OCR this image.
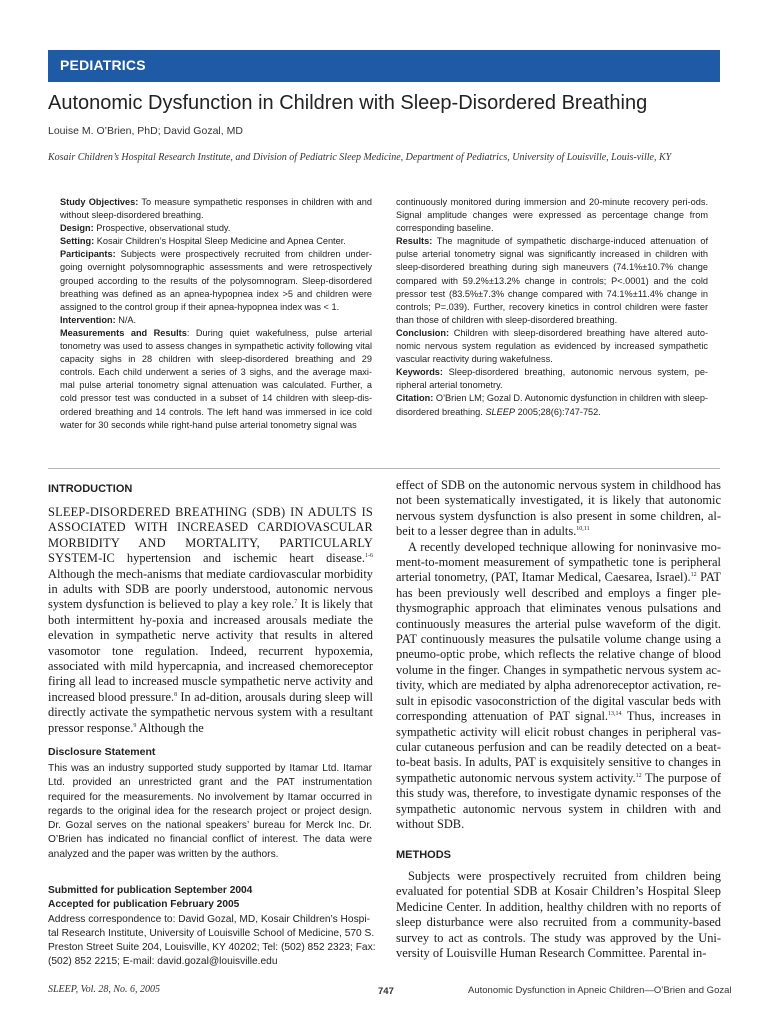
PEDIATRICS
Autonomic Dysfunction in Children with Sleep-Disordered Breathing
Louise M. O’Brien, PhD; David Gozal, MD
Kosair Children’s Hospital Research Institute, and Division of Pediatric Sleep Medicine, Department of Pediatrics, University of Louisville, Louis-ville, KY

Study Objectives: To measure sympathetic responses in children with and without sleep-disordered breathing.

Design: Prospective, observational study.

Setting: Kosair Children’s Hospital Sleep Medicine and Apnea Center.

Participants: Subjects were prospectively recruited from children under-going overnight polysomnographic assessments and were retrospectively grouped according to the results of the polysomnogram. Sleep-disordered breathing was defined as an apnea-hypopnea index >5 and children were assigned to the control group if their apnea-hypopnea index was < 1.

Intervention: N/A.

Measurements and Results: During quiet wakefulness, pulse arterial tonometry was used to assess changes in sympathetic activity following vital capacity sighs in 28 children with sleep-disordered breathing and 29 controls. Each child underwent a series of 3 sighs, and the average maxi-mal pulse arterial tonometry signal attenuation was calculated. Further, a cold pressor test was conducted in a subset of 14 children with sleep-dis-ordered breathing and 14 controls. The left hand was immersed in ice cold water for 30 seconds while right-hand pulse arterial tonometry signal was

continuously monitored during immersion and 20-minute recovery peri-ods. Signal amplitude changes were expressed as percentage change from corresponding baseline.

Results: The magnitude of sympathetic discharge-induced attenuation of pulse arterial tonometry signal was significantly increased in children with sleep-disordered breathing during sigh maneuvers (74.1%±10.7% change compared with 59.2%±13.2% change in controls; P<.0001) and the cold pressor test (83.5%±7.3% change compared with 74.1%±11.4% change in controls; P=.039). Further, recovery kinetics in control children were faster than those of children with sleep-disordered breathing.

Conclusion: Children with sleep-disordered breathing have altered auto-nomic nervous system regulation as evidenced by increased sympathetic vascular reactivity during wakefulness.

Keywords: Sleep-disordered breathing, autonomic nervous system, pe-ripheral arterial tonometry.

Citation: O’Brien LM; Gozal D. Autonomic dysfunction in children with sleep-disordered breathing. SLEEP 2005;28(6):747-752.

INTRODUCTION

SLEEP-DISORDERED BREATHING (SDB) IN ADULTS IS ASSOCIATED WITH INCREASED CARDIOVASCULAR MORBIDITY AND MORTALITY, PARTICULARLY SYSTEM-IC hypertension and ischemic heart disease.$^{1-6}$ Although the mech-anisms that mediate cardiovascular morbidity in adults with SDB are poorly understood, autonomic nervous system dysfunction is believed to play a key role.$^7$ It is likely that both intermittent hy-poxia and increased arousals mediate the elevation in sympathetic nerve activity that results in altered vasomotor tone regulation. Indeed, recurrent hypoxemia, associated with mild hypercapnia, and increased chemoreceptor firing all lead to increased muscle sympathetic nerve activity and increased blood pressure.$^8$ In ad-dition, arousals during sleep will directly activate the sympathetic nervous system with a resultant pressor response.$^9$ Although the

Disclosure Statement
This was an industry supported study supported by Itamar Ltd. Itamar Ltd. provided an unrestricted grant and the PAT instrumentation required for the measurements. No involvement by Itamar occurred in regards to the original idea for the research project or project design. Dr. Gozal serves on the national speakers’ bureau for Merck Inc. Dr. O’Brien has indicated no financial conflict of interest. The data were analyzed and the paper was written by the authors.

Submitted for publication September 2004

Accepted for publication February 2005

Address correspondence to: David Gozal, MD, Kosair Children’s Hospi-tal Research Institute, University of Louisville School of Medicine, 570 S. Preston Street Suite 204, Louisville, KY 40202; Tel: (502) 852 2323; Fax: (502) 852 2215; E-mail: david.gozal@louisville.edu

effect of SDB on the autonomic nervous system in childhood has not been systematically investigated, it is likely that autonomic nervous system dysfunction is also present in some children, al-beit to a lesser degree than in adults.$^{10,11}$

A recently developed technique allowing for noninvasive mo-ment-to-moment measurement of sympathetic tone is peripheral arterial tonometry, (PAT, Itamar Medical, Caesarea, Israel).$^{12}$ PAT has been previously well described and employs a finger ple-thysmographic approach that eliminates venous pulsations and continuously measures the arterial pulse waveform of the digit. PAT continuously measures the pulsatile volume change using a pneumo-optic probe, which reflects the relative change of blood volume in the finger. Changes in sympathetic nervous system ac-tivity, which are mediated by alpha adrenoreceptor activation, re-sult in episodic vasoconstriction of the digital vascular beds with corresponding attenuation of PAT signal.$^{13,14}$ Thus, increases in sympathetic activity will elicit robust changes in peripheral vas-cular cutaneous perfusion and can be readily detected on a beat-to-beat basis. In adults, PAT is exquisitely sensitive to changes in sympathetic autonomic nervous system activity.$^{12}$ The purpose of this study was, therefore, to investigate dynamic responses of the sympathetic autonomic nervous system in children with and without SDB.

METHODS

Subjects were prospectively recruited from children being evaluated for potential SDB at Kosair Children’s Hospital Sleep Medicine Center. In addition, healthy children with no reports of sleep disturbance were also recruited from a community-based survey to act as controls. The study was approved by the Uni-versity of Louisville Human Research Committee. Parental in-

SLEEP, Vol. 28, No. 6, 2005	747	Autonomic Dysfunction in Apneic Children—O’Brien and Gozal
